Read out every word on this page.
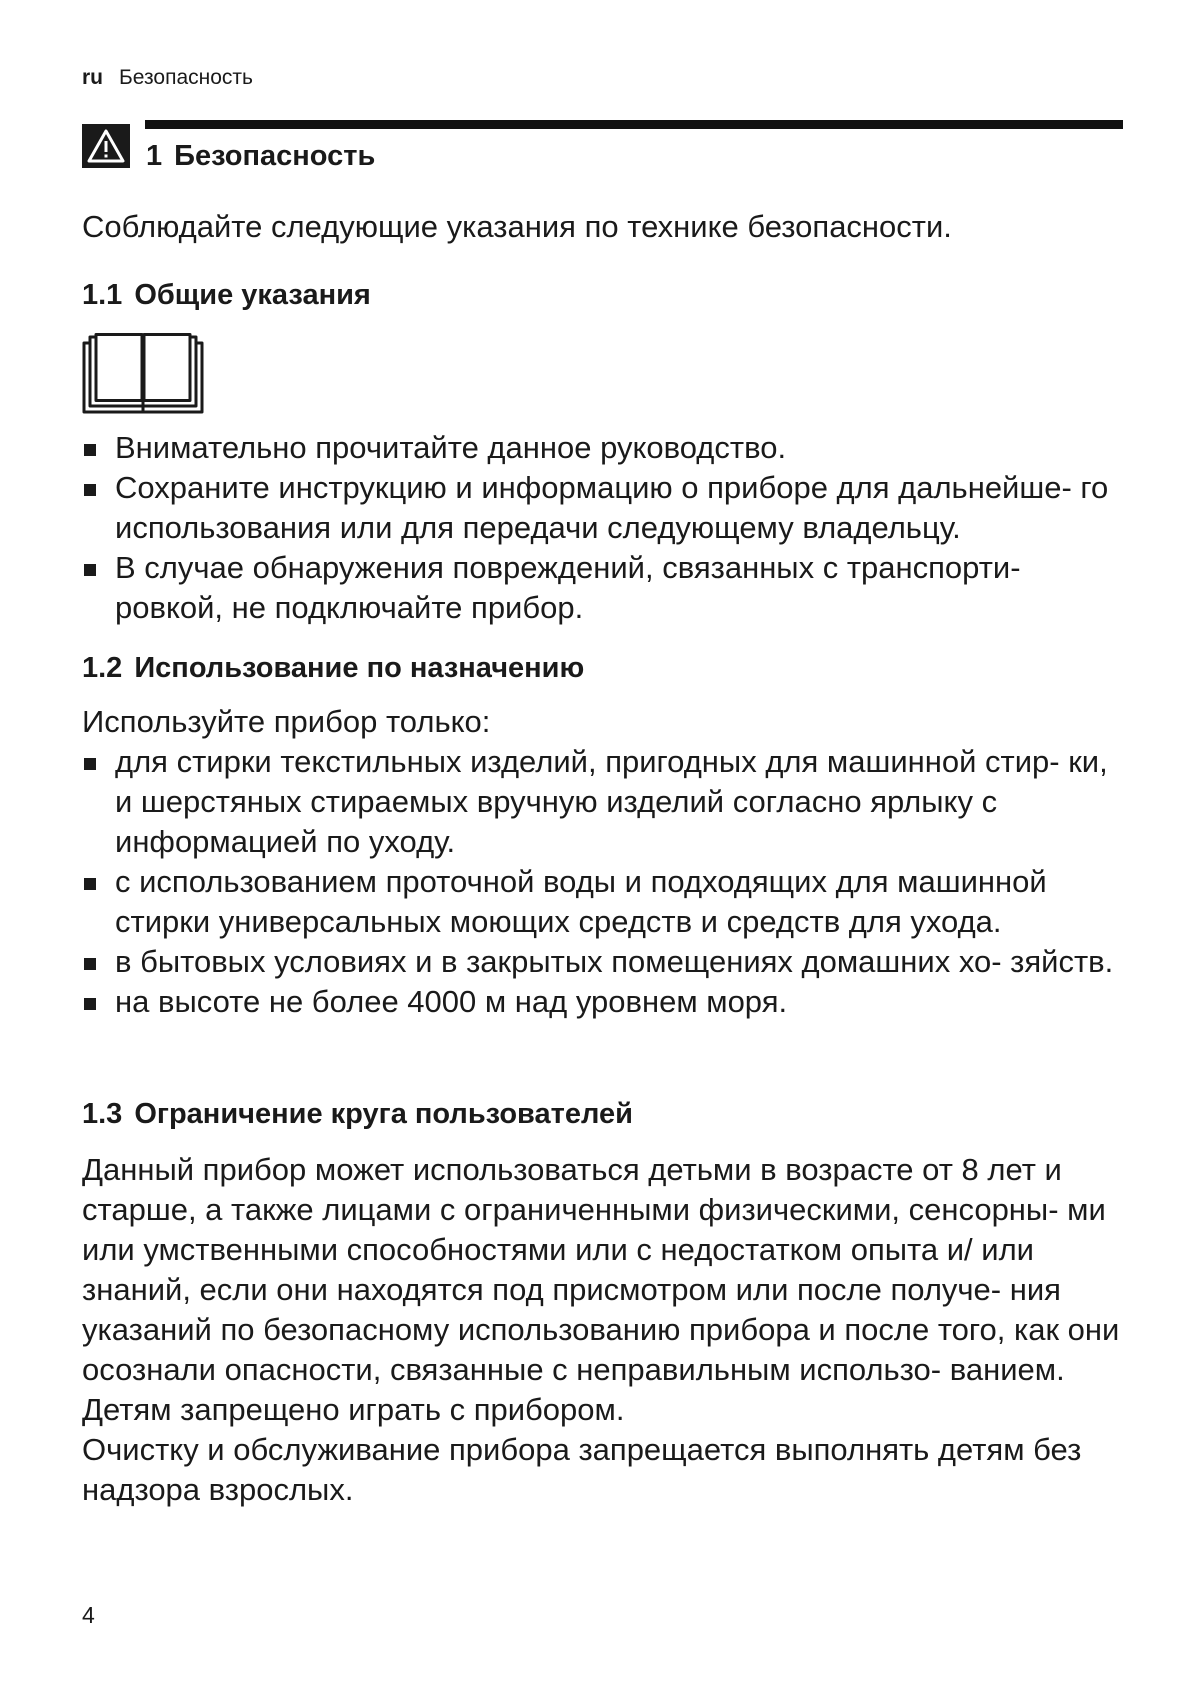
ru Безопасность
1 Безопасность
Соблюдайте следующие указания по технике безопасности.
1.1 Общие указания
Внимательно прочитайте данное руководство.
Сохраните инструкцию и информацию о приборе для дальнейше- го использования или для передачи следующему владельцу.
В случае обнаружения повреждений, связанных с транспорти- ровкой, не подключайте прибор.
1.2 Использование по назначению
Используйте прибор только:
для стирки текстильных изделий, пригодных для машинной стир- ки, и шерстяных стираемых вручную изделий согласно ярлыку с информацией по уходу.
с использованием проточной воды и подходящих для машинной стирки универсальных моющих средств и средств для ухода.
в бытовых условиях и в закрытых помещениях домашних хо- зяйств.
на высоте не более 4000 м над уровнем моря.
1.3 Ограничение круга пользователей
Данный прибор может использоваться детьми в возрасте от 8 лет и старше, а также лицами с ограниченными физическими, сенсорны- ми или умственными способностями или с недостатком опыта и/ или знаний, если они находятся под присмотром или после получе- ния указаний по безопасному использованию прибора и после того, как они осознали опасности, связанные с неправильным использо- ванием.
Детям запрещено играть с прибором.
Очистку и обслуживание прибора запрещается выполнять детям без надзора взрослых.
4
